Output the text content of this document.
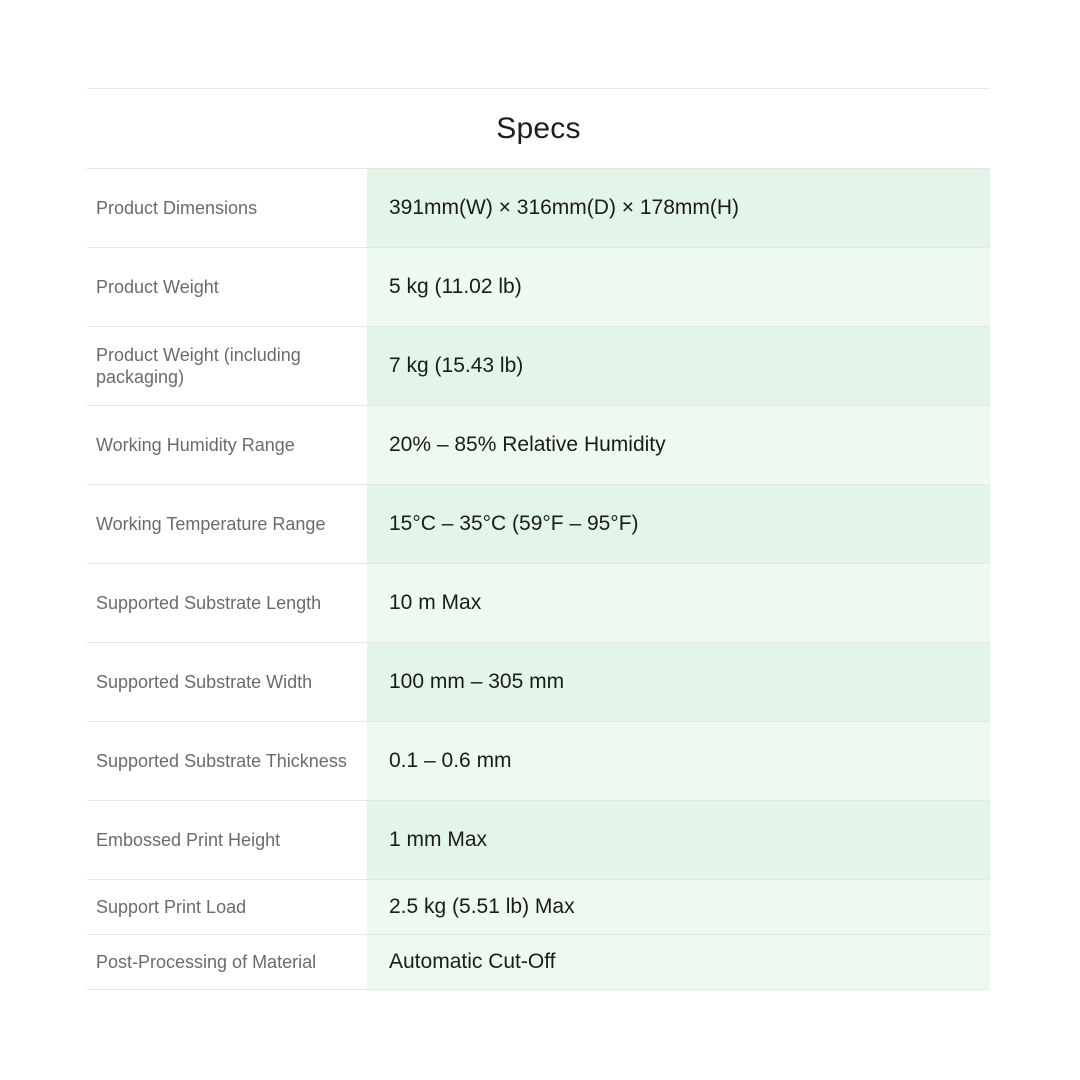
Specs
Product Dimensions	391mm(W) × 316mm(D) × 178mm(H)
Product Weight	5 kg (11.02 lb)
Product Weight (including packaging)	7 kg (15.43 lb)
Working Humidity Range	20% – 85% Relative Humidity
Working Temperature Range	15°C – 35°C (59°F – 95°F)
Supported Substrate Length	10 m Max
Supported Substrate Width	100 mm – 305 mm
Supported Substrate Thickness	0.1 – 0.6 mm
Embossed Print Height	1 mm Max
Support Print Load	2.5 kg (5.51 lb) Max
Post-Processing of Material	Automatic Cut-Off
